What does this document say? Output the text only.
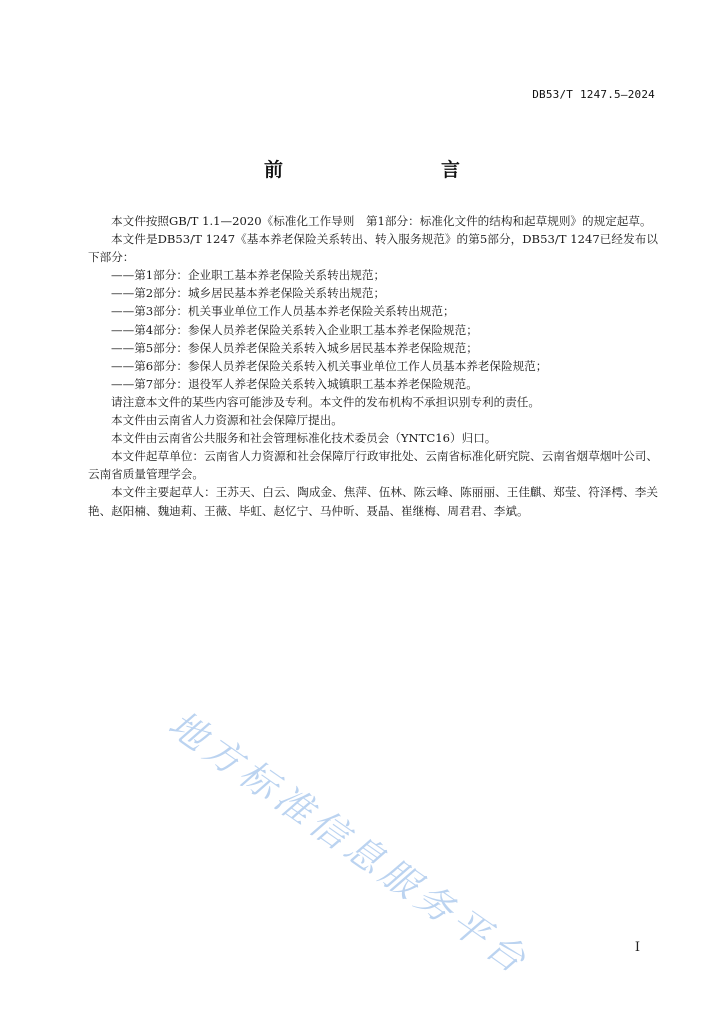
DB53/T 1247.5—2024
前　　言

本文件按照GB/T 1.1—2020《标准化工作导则　第1部分：标准化文件的结构和起草规则》的规定起草。

本文件是DB53/T 1247《基本养老保险关系转出、转入服务规范》的第5部分，DB53/T 1247已经发布以下部分：

——第1部分：企业职工基本养老保险关系转出规范；

——第2部分：城乡居民基本养老保险关系转出规范；

——第3部分：机关事业单位工作人员基本养老保险关系转出规范；

——第4部分：参保人员养老保险关系转入企业职工基本养老保险规范；

——第5部分：参保人员养老保险关系转入城乡居民基本养老保险规范；

——第6部分：参保人员养老保险关系转入机关事业单位工作人员基本养老保险规范；

——第7部分：退役军人养老保险关系转入城镇职工基本养老保险规范。

请注意本文件的某些内容可能涉及专利。本文件的发布机构不承担识别专利的责任。

本文件由云南省人力资源和社会保障厅提出。

本文件由云南省公共服务和社会管理标准化技术委员会（YNTC16）归口。

本文件起草单位：云南省人力资源和社会保障厅行政审批处、云南省标准化研究院、云南省烟草烟叶公司、云南省质量管理学会。

本文件主要起草人：王苏天、白云、陶成金、焦萍、伍林、陈云峰、陈丽丽、王佳麒、郑莹、符泽樗、李关艳、赵阳楠、魏迪莉、王薇、毕虹、赵忆宁、马仲昕、聂晶、崔继梅、周君君、李斌。

地方标准信息服务平台	I
